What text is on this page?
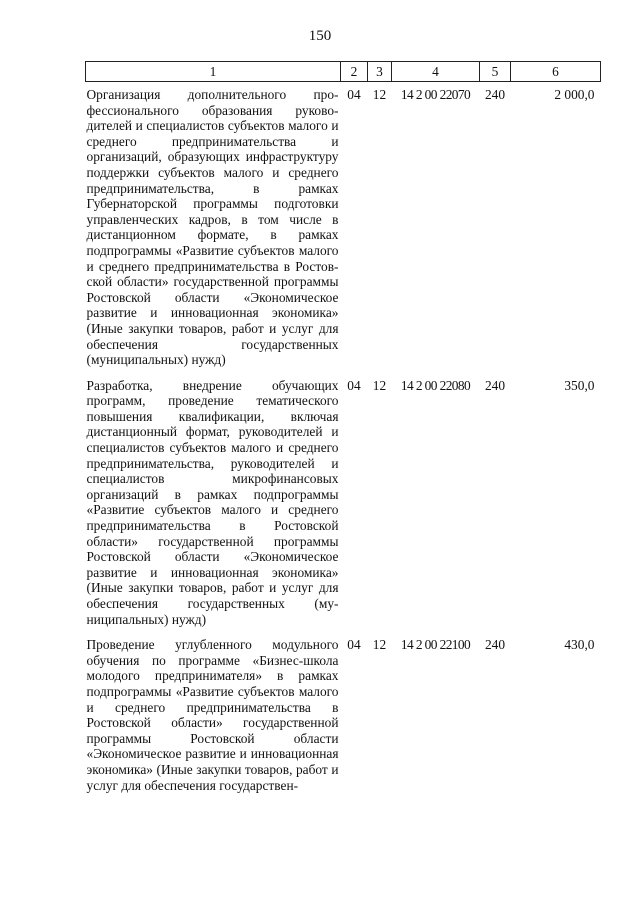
150
1	2	3	4	5	6
Организация дополнительного профессионального образования руководителей и специалистов субъектов малого и среднего предпринимательства и организаций, образующих инфраструктуру поддержки субъектов малого и среднего предпринимательства, в рамках Губернаторской программы подготовки управленческих кадров, в том числе в дистанционном формате, в рамках подпрограммы «Развитие субъектов малого и среднего предпринимательства в Ростовской области» государственной программы Ростовской области «Экономическое развитие и инновационная экономика» (Иные закупки товаров, работ и услуг для обеспечения государственных (муниципальных) нужд)	04	12	14 2 00 22070	240	2 000,0
Разработка, внедрение обучающих программ, проведение тематического повышения квалификации, включая дистанционный формат, руководителей и специалистов субъектов малого и среднего предпринимательства, руководителей и специалистов микрофинансовых организаций в рамках подпрограммы «Развитие субъектов малого и среднего предпринимательства в Ростовской области» государственной программы Ростовской области «Экономическое развитие и инновационная экономика» (Иные закупки товаров, работ и услуг для обеспечения государственных (муниципальных) нужд)	04	12	14 2 00 22080	240	350,0
Проведение углубленного модульного обучения по программе «Бизнес-школа молодого предпринимателя» в рамках подпрограммы «Развитие субъектов малого и среднего предпринимательства в Ростовской области» государственной программы Ростовской области «Экономическое развитие и инновационная экономика» (Иные закупки товаров, работ и услуг для обеспечения государствен-	04	12	14 2 00 22100	240	430,0
